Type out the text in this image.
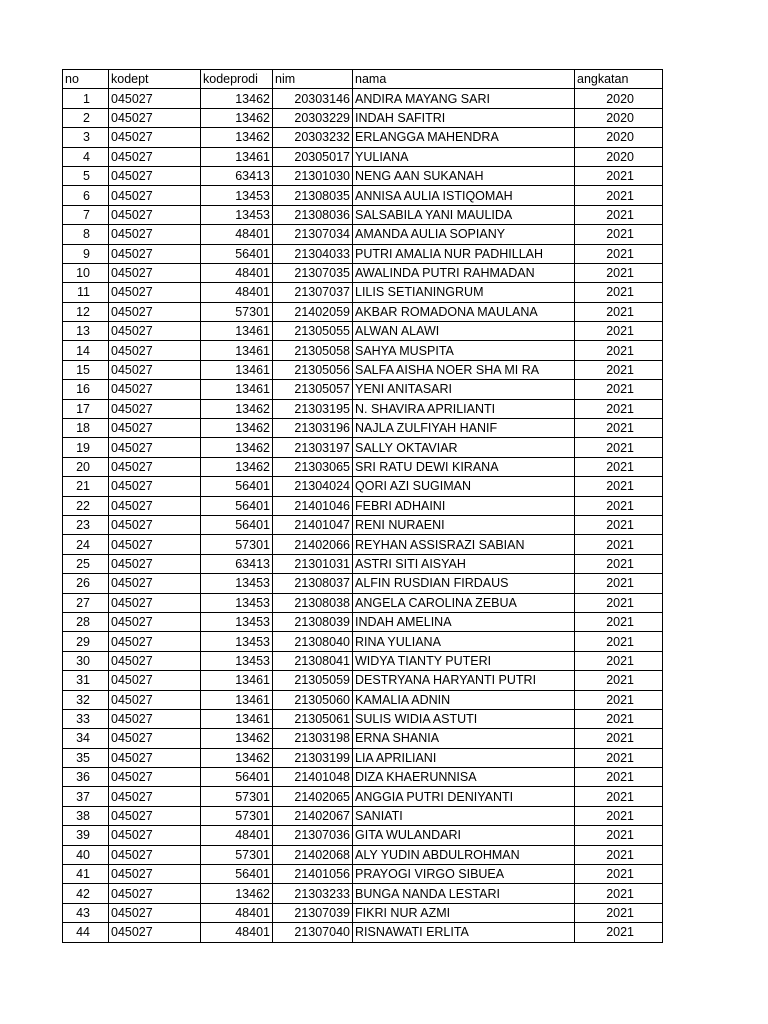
no	kodept	kodeprodi	nim	nama	angkatan
1	045027	13462	20303146	ANDIRA MAYANG SARI	2020
2	045027	13462	20303229	INDAH SAFITRI	2020
3	045027	13462	20303232	ERLANGGA MAHENDRA	2020
4	045027	13461	20305017	YULIANA	2020
5	045027	63413	21301030	NENG AAN SUKANAH	2021
6	045027	13453	21308035	ANNISA AULIA ISTIQOMAH	2021
7	045027	13453	21308036	SALSABILA YANI MAULIDA	2021
8	045027	48401	21307034	AMANDA AULIA SOPIANY	2021
9	045027	56401	21304033	PUTRI AMALIA NUR PADHILLAH	2021
10	045027	48401	21307035	AWALINDA PUTRI RAHMADAN	2021
11	045027	48401	21307037	LILIS SETIANINGRUM	2021
12	045027	57301	21402059	AKBAR ROMADONA MAULANA	2021
13	045027	13461	21305055	ALWAN ALAWI	2021
14	045027	13461	21305058	SAHYA MUSPITA	2021
15	045027	13461	21305056	SALFA AISHA NOER SHA MI RA	2021
16	045027	13461	21305057	YENI ANITASARI	2021
17	045027	13462	21303195	N. SHAVIRA APRILIANTI	2021
18	045027	13462	21303196	NAJLA ZULFIYAH HANIF	2021
19	045027	13462	21303197	SALLY OKTAVIAR	2021
20	045027	13462	21303065	SRI RATU DEWI KIRANA	2021
21	045027	56401	21304024	QORI AZI SUGIMAN	2021
22	045027	56401	21401046	FEBRI ADHAINI	2021
23	045027	56401	21401047	RENI NURAENI	2021
24	045027	57301	21402066	REYHAN ASSISRAZI SABIAN	2021
25	045027	63413	21301031	ASTRI SITI AISYAH	2021
26	045027	13453	21308037	ALFIN RUSDIAN FIRDAUS	2021
27	045027	13453	21308038	ANGELA CAROLINA ZEBUA	2021
28	045027	13453	21308039	INDAH AMELINA	2021
29	045027	13453	21308040	RINA YULIANA	2021
30	045027	13453	21308041	WIDYA TIANTY PUTERI	2021
31	045027	13461	21305059	DESTRYANA HARYANTI PUTRI	2021
32	045027	13461	21305060	KAMALIA ADNIN	2021
33	045027	13461	21305061	SULIS WIDIA ASTUTI	2021
34	045027	13462	21303198	ERNA SHANIA	2021
35	045027	13462	21303199	LIA APRILIANI	2021
36	045027	56401	21401048	DIZA KHAERUNNISA	2021
37	045027	57301	21402065	ANGGIA PUTRI DENIYANTI	2021
38	045027	57301	21402067	SANIATI	2021
39	045027	48401	21307036	GITA WULANDARI	2021
40	045027	57301	21402068	ALY YUDIN ABDULROHMAN	2021
41	045027	56401	21401056	PRAYOGI VIRGO SIBUEA	2021
42	045027	13462	21303233	BUNGA NANDA LESTARI	2021
43	045027	48401	21307039	FIKRI NUR AZMI	2021
44	045027	48401	21307040	RISNAWATI ERLITA	2021
